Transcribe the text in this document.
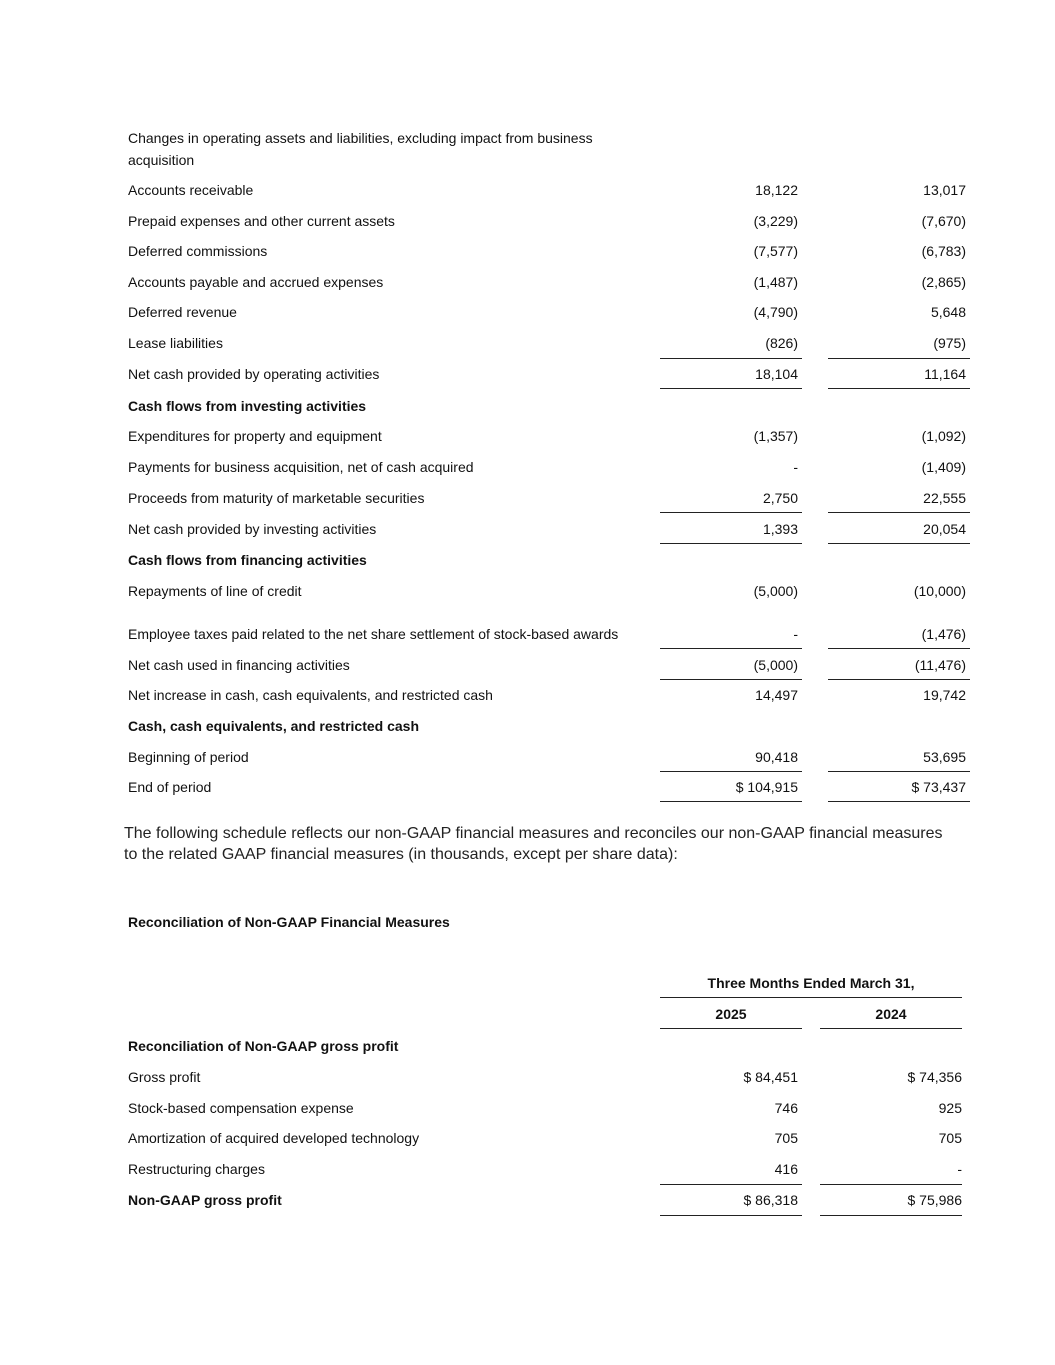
Changes in operating assets and liabilities, excluding impact from business acquisition
Accounts receivable	18,122	13,017
Prepaid expenses and other current assets	(3,229)	(7,670)
Deferred commissions	(7,577)	(6,783)
Accounts payable and accrued expenses	(1,487)	(2,865)
Deferred revenue	(4,790)	5,648
Lease liabilities	(826)	(975)
Net cash provided by operating activities	18,104	11,164
Cash flows from investing activities
Expenditures for property and equipment	(1,357)	(1,092)
Payments for business acquisition, net of cash acquired	-	(1,409)
Proceeds from maturity of marketable securities	2,750	22,555
Net cash provided by investing activities	1,393	20,054
Cash flows from financing activities
Repayments of line of credit	(5,000)	(10,000)
Employee taxes paid related to the net share settlement of stock-based awards	-	(1,476)
Net cash used in financing activities	(5,000)	(11,476)
Net increase in cash, cash equivalents, and restricted cash	14,497	19,742
Cash, cash equivalents, and restricted cash
Beginning of period	90,418	53,695
End of period	$ 104,915	$ 73,437
The following schedule reflects our non-GAAP financial measures and reconciles our non-GAAP financial measures to the related GAAP financial measures (in thousands, except per share data):
Reconciliation of Non-GAAP Financial Measures
Three Months Ended March 31,
2025	2024
Reconciliation of Non-GAAP gross profit
Gross profit	$ 84,451	$ 74,356
Stock-based compensation expense	746	925
Amortization of acquired developed technology	705	705
Restructuring charges	416	-
Non-GAAP gross profit	$ 86,318	$ 75,986
